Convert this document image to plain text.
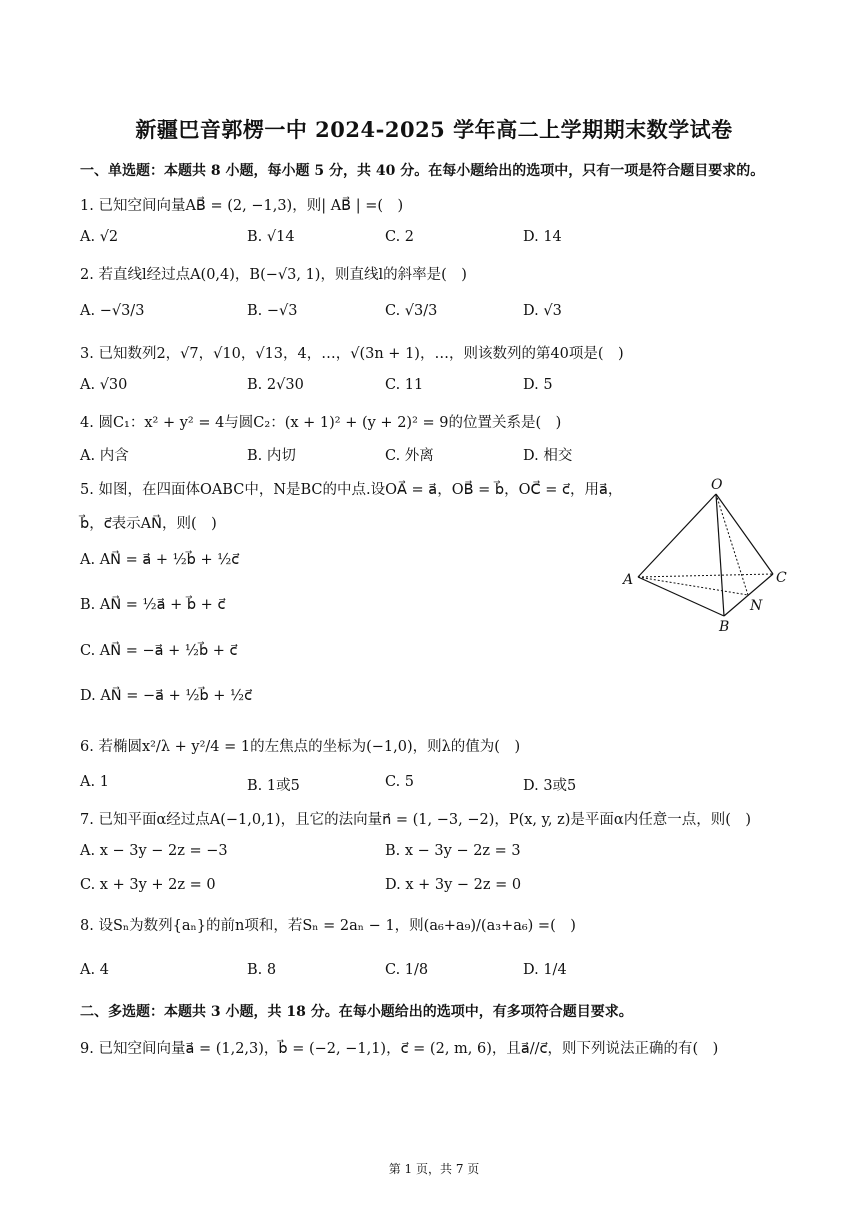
新疆巴音郭楞一中 2024-2025 学年高二上学期期末数学试卷
一、单选题：本题共 8 小题，每小题 5 分，共 40 分。在每小题给出的选项中，只有一项是符合题目要求的。
1. 已知空间向量AB⃗ = (2, −1,3)，则| AB⃗ | =(　)
A. √2	B. √14	C. 2	D. 14
2. 若直线l经过点A(0,4)，B(−√3, 1)，则直线l的斜率是(　)
A. −√3/3	B. −√3	C. √3/3	D. √3
3. 已知数列2，√7，√10，√13，4，…，√(3n + 1)，…，则该数列的第40项是(　)
A. √30	B. 2√30	C. 11	D. 5
4. 圆C₁：x² + y² = 4与圆C₂：(x + 1)² + (y + 2)² = 9的位置关系是(　)
A. 内含	B. 内切	C. 外离	D. 相交
5. 如图，在四面体OABC中，N是BC的中点.设OA⃗ = a⃗，OB⃗ = b⃗，OC⃗ = c⃗，用a⃗，
b⃗，c⃗表示AN⃗，则(　)
A. AN⃗ = a⃗ + ½b⃗ + ½c⃗
B. AN⃗ = ½a⃗ + b⃗ + c⃗
C. AN⃗ = −a⃗ + ½b⃗ + c⃗
D. AN⃗ = −a⃗ + ½b⃗ + ½c⃗
O
A
B
C
N
6. 若椭圆x²/λ + y²/4 = 1的左焦点的坐标为(−1,0)，则λ的值为(　)
A. 1	B. 1或5	C. 5	D. 3或5
7. 已知平面α经过点A(−1,0,1)，且它的法向量n⃗ = (1, −3, −2)，P(x, y, z)是平面α内任意一点，则(　)
A. x − 3y − 2z = −3	B. x − 3y − 2z = 3
C. x + 3y + 2z = 0	D. x + 3y − 2z = 0
8. 设Sₙ为数列{aₙ}的前n项和，若Sₙ = 2aₙ − 1，则(a₆+a₉)/(a₃+a₆) =(　)
A. 4	B. 8	C. 1/8	D. 1/4
二、多选题：本题共 3 小题，共 18 分。在每小题给出的选项中，有多项符合题目要求。
9. 已知空间向量a⃗ = (1,2,3)，b⃗ = (−2, −1,1)，c⃗ = (2, m, 6)，且a⃗//c⃗，则下列说法正确的有(　)
第 1 页，共 7 页
